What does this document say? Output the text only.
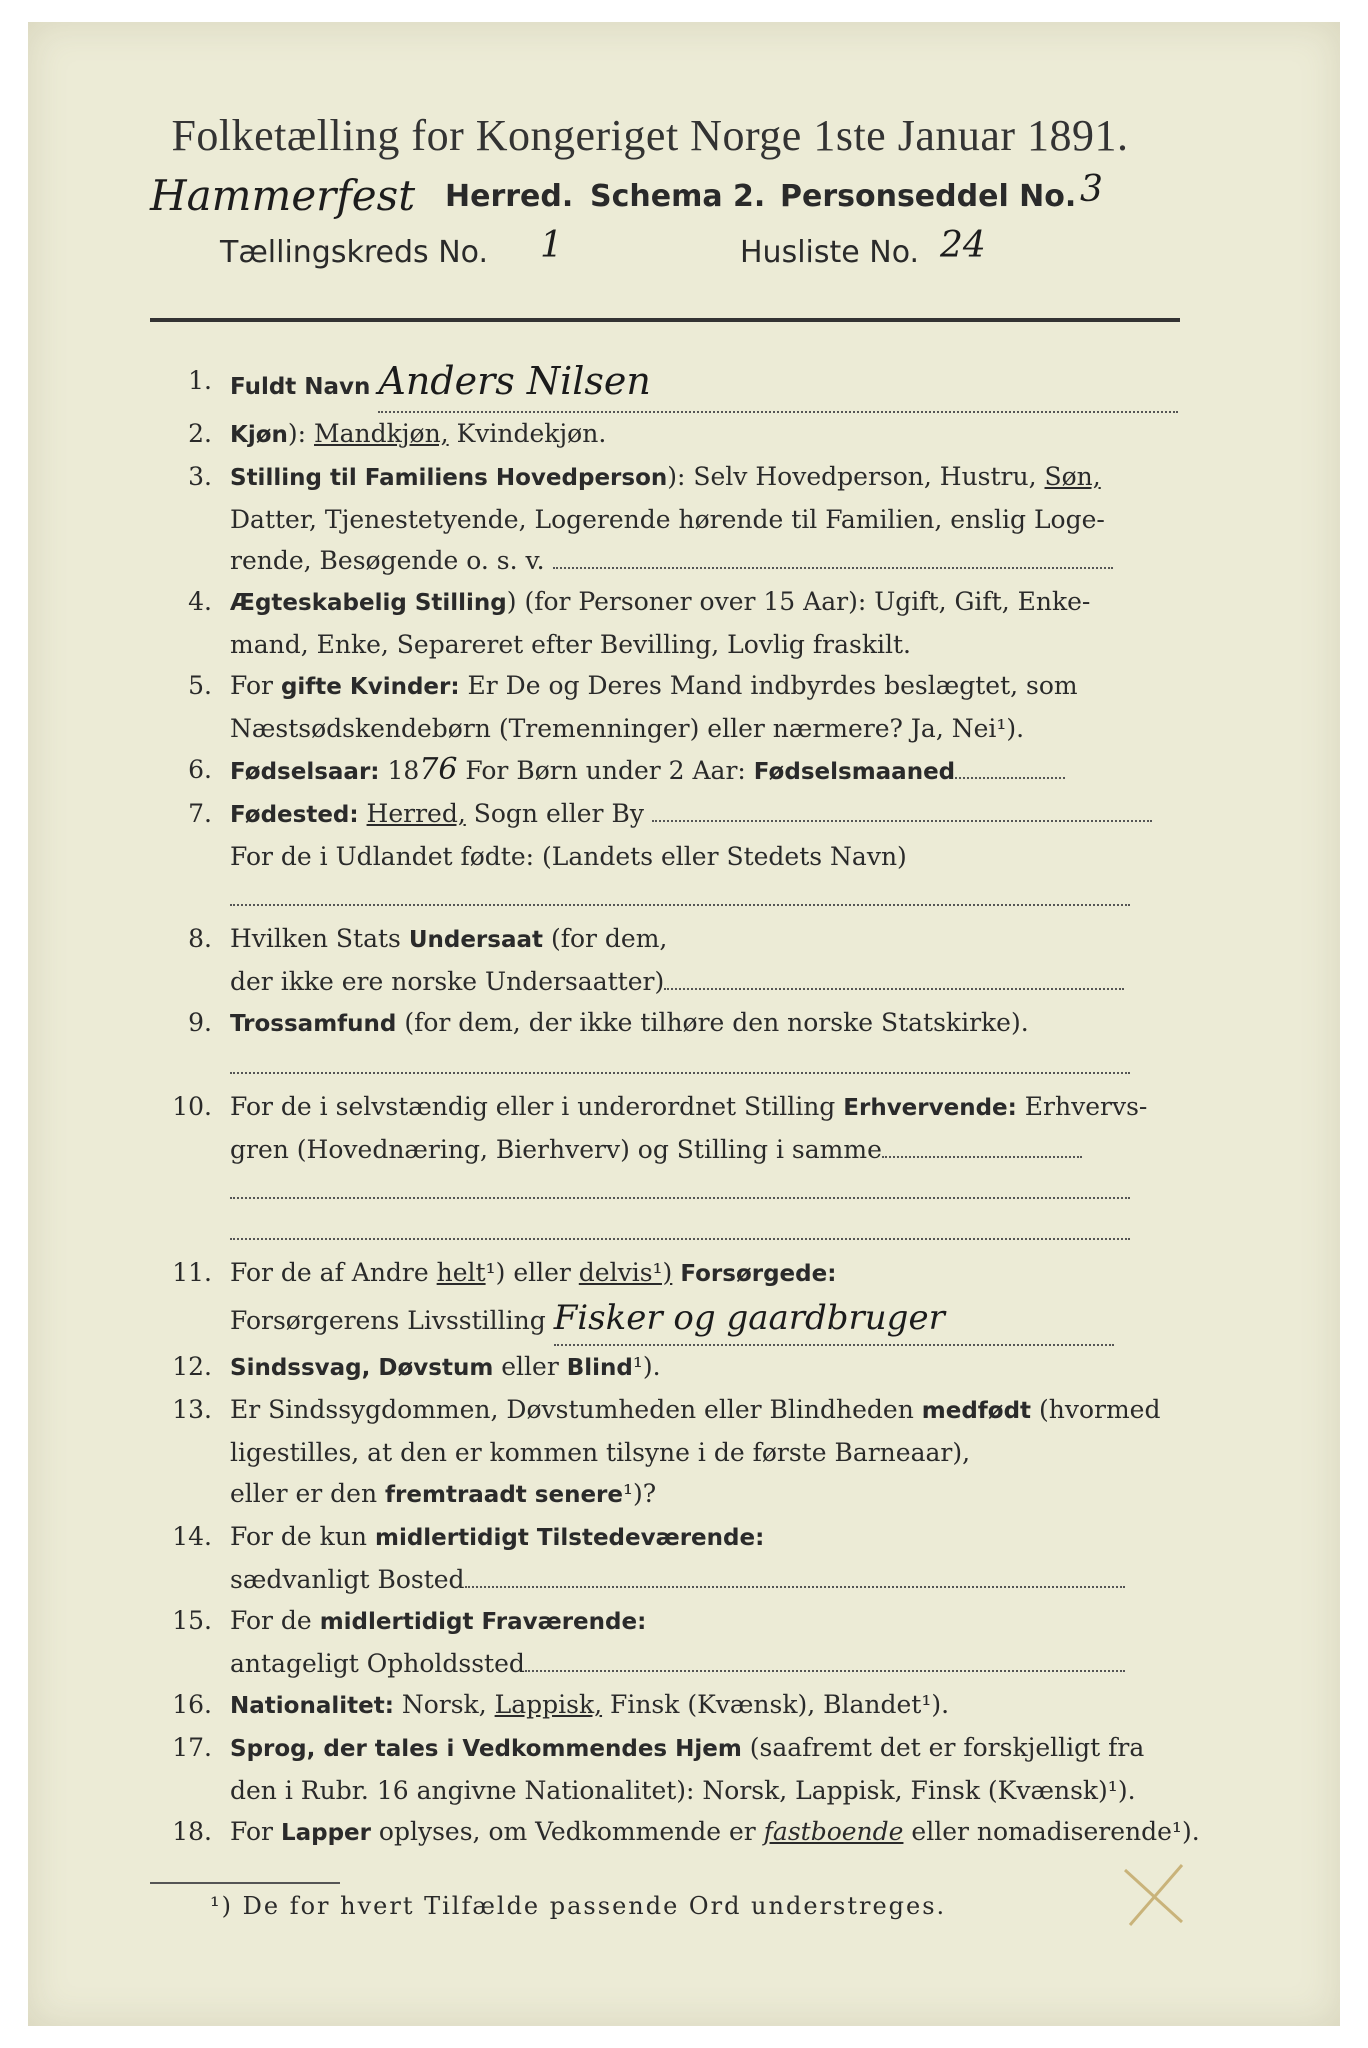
Folketælling for Kongeriget Norge 1ste Januar 1891.
Hammerfest Herred. Schema 2. Personseddel No. 3
Tællingskreds No. 1	Husliste No. 24
1. Fuldt Navn Anders Nilsen
2. Kjøn): Mandkjøn, Kvindekjøn.
3. Stilling til Familiens Hovedperson): Selv Hovedperson, Hustru, Søn,
Datter, Tjenestetyende, Logerende hørende til Familien, enslig Loge-
rende, Besøgende o. s. v.
4. Ægteskabelig Stilling) (for Personer over 15 Aar): Ugift, Gift, Enke-
mand, Enke, Separeret efter Bevilling, Lovlig fraskilt.
5. For gifte Kvinder: Er De og Deres Mand indbyrdes beslægtet, som
Næstsødskendebørn (Tremenninger) eller nærmere? Ja, Nei¹).
6. Fødselsaar: 1876 For Børn under 2 Aar: Fødselsmaaned
7. Fødested: Herred, Sogn eller By
For de i Udlandet fødte: (Landets eller Stedets Navn)
8. Hvilken Stats Undersaat (for dem,
der ikke ere norske Undersaatter)
9. Trossamfund (for dem, der ikke tilhøre den norske Statskirke).
10. For de i selvstændig eller i underordnet Stilling Erhvervende: Erhvervs-
gren (Hovednæring, Bierhverv) og Stilling i samme
11. For de af Andre helt¹) eller delvis¹) Forsørgede:
Forsørgerens Livsstilling Fisker og gaardbruger
12. Sindssvag, Døvstum eller Blind¹).
13. Er Sindssygdommen, Døvstumheden eller Blindheden medfødt (hvormed
ligestilles, at den er kommen tilsyne i de første Barneaar),
eller er den fremtraadt senere¹)?
14. For de kun midlertidigt Tilstedeværende:
sædvanligt Bosted
15. For de midlertidigt Fraværende:
antageligt Opholdssted
16. Nationalitet: Norsk, Lappisk, Finsk (Kvænsk), Blandet¹).
17. Sprog, der tales i Vedkommendes Hjem (saafremt det er forskjelligt fra
den i Rubr. 16 angivne Nationalitet): Norsk, Lappisk, Finsk (Kvænsk)¹).
18. For Lapper oplyses, om Vedkommende er fastboende eller nomadiserende¹).
¹) De for hvert Tilfælde passende Ord understreges.
